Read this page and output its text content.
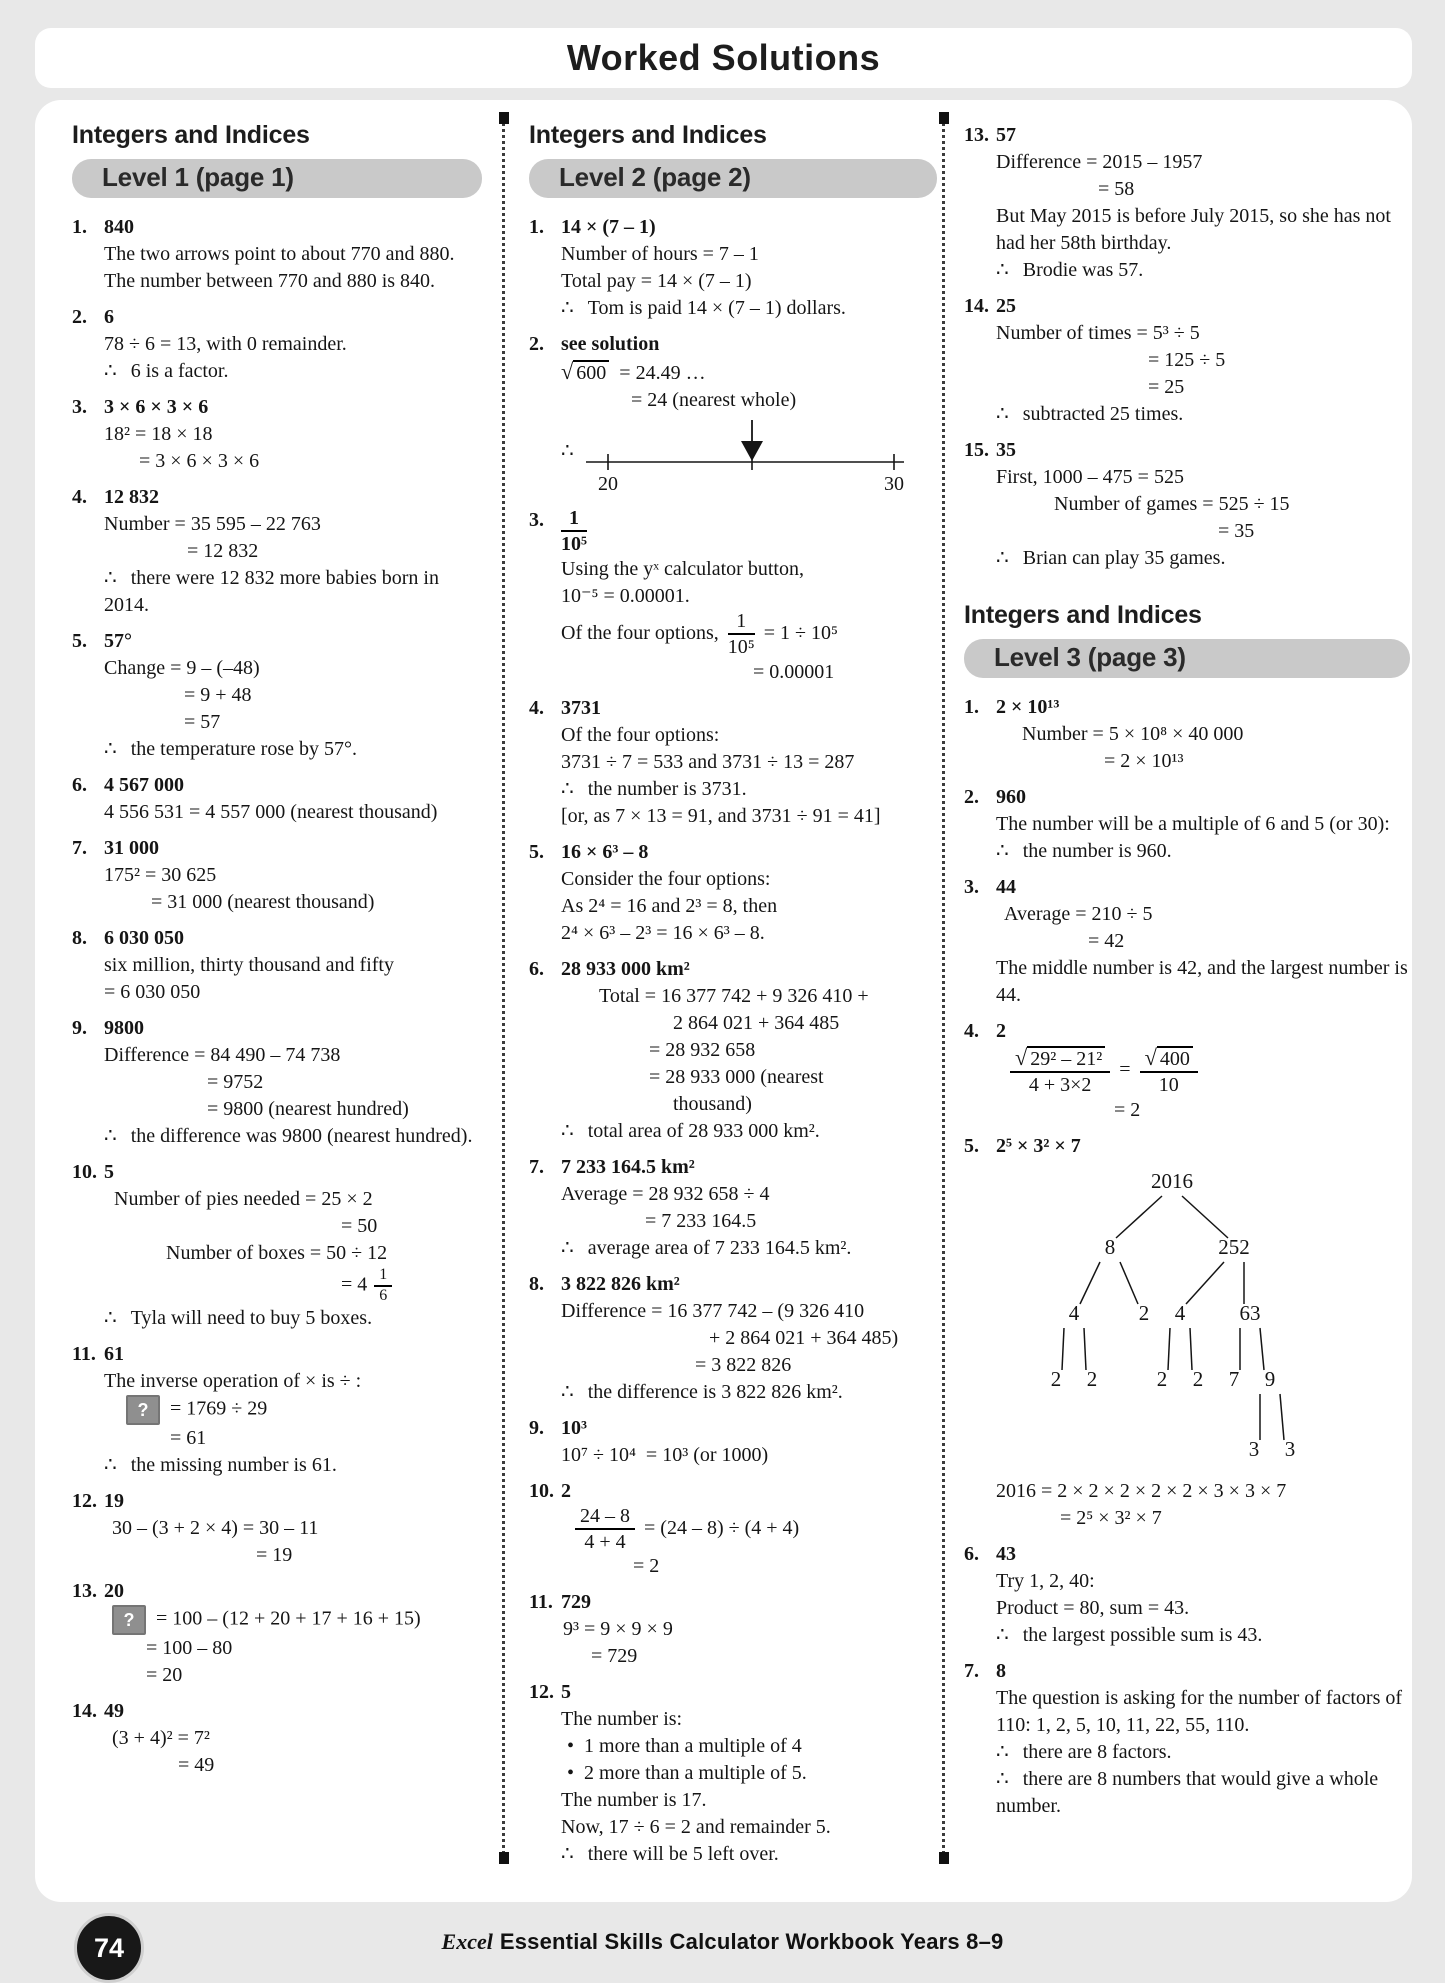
Worked Solutions
Integers and Indices
Level 1 (page 1)
1. 840
The two arrows point to about 770 and 880. The number between 770 and 880 is 840.
2. 6
78 ÷ 6 = 13, with 0 remainder.
∴ 6 is a factor.
3. 3 × 6 × 3 × 6
18² = 18 × 18
= 3 × 6 × 3 × 6
4. 12 832
Number = 35 595 – 22 763
= 12 832
∴ there were 12 832 more babies born in 2014.
5. 57°
Change = 9 – (–48)
= 9 + 48
= 57
∴ the temperature rose by 57°.
6. 4 567 000
4 556 531 = 4 557 000 (nearest thousand)
7. 31 000
175² = 30 625
= 31 000 (nearest thousand)
8. 6 030 050
six million, thirty thousand and fifty
= 6 030 050
9. 9800
Difference = 84 490 – 74 738
= 9752
= 9800 (nearest hundred)
∴ the difference was 9800 (nearest hundred).
10. 5
Number of pies needed = 25 × 2
= 50
Number of boxes = 50 ÷ 12
= $4 \frac{1}{6}$
∴ Tyla will need to buy 5 boxes.
11. 61
The inverse operation of × is ÷ :
? = 1769 ÷ 29
= 61
∴ the missing number is 61.
12. 19
30 – (3 + 2 × 4) = 30 – 11
= 19
13. 20
? = 100 – (12 + 20 + 17 + 16 + 15)
= 100 – 80
= 20
14. 49
(3 + 4)² = 7²
= 49
Integers and Indices
Level 2 (page 2)
1. 14 × (7 – 1)
Number of hours = 7 – 1
Total pay = 14 × (7 – 1)
∴ Tom is paid 14 × (7 – 1) dollars.
2. see solution
√ 600  = 24.49 …
= 24 (nearest whole)
∴
20	30
3. $\frac{1}{\text{10⁵}}$
Using the yˣ calculator button,
10⁻⁵ = 0.00001.
Of the four options, $\frac{1}{\text{10⁵}} = 1 \div 10^5$
= 0.00001
4. 3731
Of the four options:
3731 ÷ 7 = 533 and 3731 ÷ 13 = 287
∴ the number is 3731.
[or, as 7 × 13 = 91, and 3731 ÷ 91 = 41]
5. 16 × 6³ – 8
Consider the four options:
As 2⁴ = 16 and 2³ = 8, then
2⁴ × 6³ – 2³ = 16 × 6³ – 8.
6. 28 933 000 km²
Total = 16 377 742 + 9 326 410 +
2 864 021 + 364 485
= 28 932 658
= 28 933 000 (nearest
thousand)
∴ total area of 28 933 000 km².
7. 7 233 164.5 km²
Average = 28 932 658 ÷ 4
= 7 233 164.5
∴ average area of 7 233 164.5 km².
8. 3 822 826 km²
Difference = 16 377 742 – (9 326 410
+ 2 864 021 + 364 485)
= 3 822 826
∴ the difference is 3 822 826 km².
9. 10³
10⁷ ÷ 10⁴  = 10³ (or 1000)
10. 2
$\frac{24 - 8}{4 + 4} = (24 - 8) \div (4 + 4)$
= 2
11. 729
9³ = 9 × 9 × 9
= 729
12. 5
The number is:
• 1 more than a multiple of 4
• 2 more than a multiple of 5.
The number is 17.
Now, 17 ÷ 6 = 2 and remainder 5.
∴ there will be 5 left over.
13. 57
Difference = 2015 – 1957
= 58
But May 2015 is before July 2015, so she has not had her 58th birthday.
∴ Brodie was 57.
14. 25
Number of times = 5³ ÷ 5
= 125 ÷ 5
= 25
∴ subtracted 25 times.
15. 35
First, 1000 – 475 = 525
Number of games = 525 ÷ 15
= 35
∴ Brian can play 35 games.
Integers and Indices
Level 3 (page 3)
1. 2 × 10¹³
Number = 5 × 10⁸ × 40 000
= 2 × 10¹³
2. 960
The number will be a multiple of 6 and 5 (or 30):
∴ the number is 960.
3. 44
Average = 210 ÷ 5
= 42
The middle number is 42, and the largest number is 44.
4. 2
$\frac{\text{√ 29² – 21²}}{4 + 3\times 2} = \frac{√ 400}{10}$
= 2
5. 2⁵ × 3² × 7
2016
8	252
4	2 4	63
2 2	2 2 7 9
3 3
2016 = 2 × 2 × 2 × 2 × 2 × 3 × 3 × 7
= 2⁵ × 3² × 7
6. 43
Try 1, 2, 40:
Product = 80, sum = 43.
∴ the largest possible sum is 43.
7. 8
The question is asking for the number of factors of 110: 1, 2, 5, 10, 11, 22, 55, 110.
∴ there are 8 factors.
∴ there are 8 numbers that would give a whole number.
74	Excel Essential Skills Calculator Workbook Years 8–9
